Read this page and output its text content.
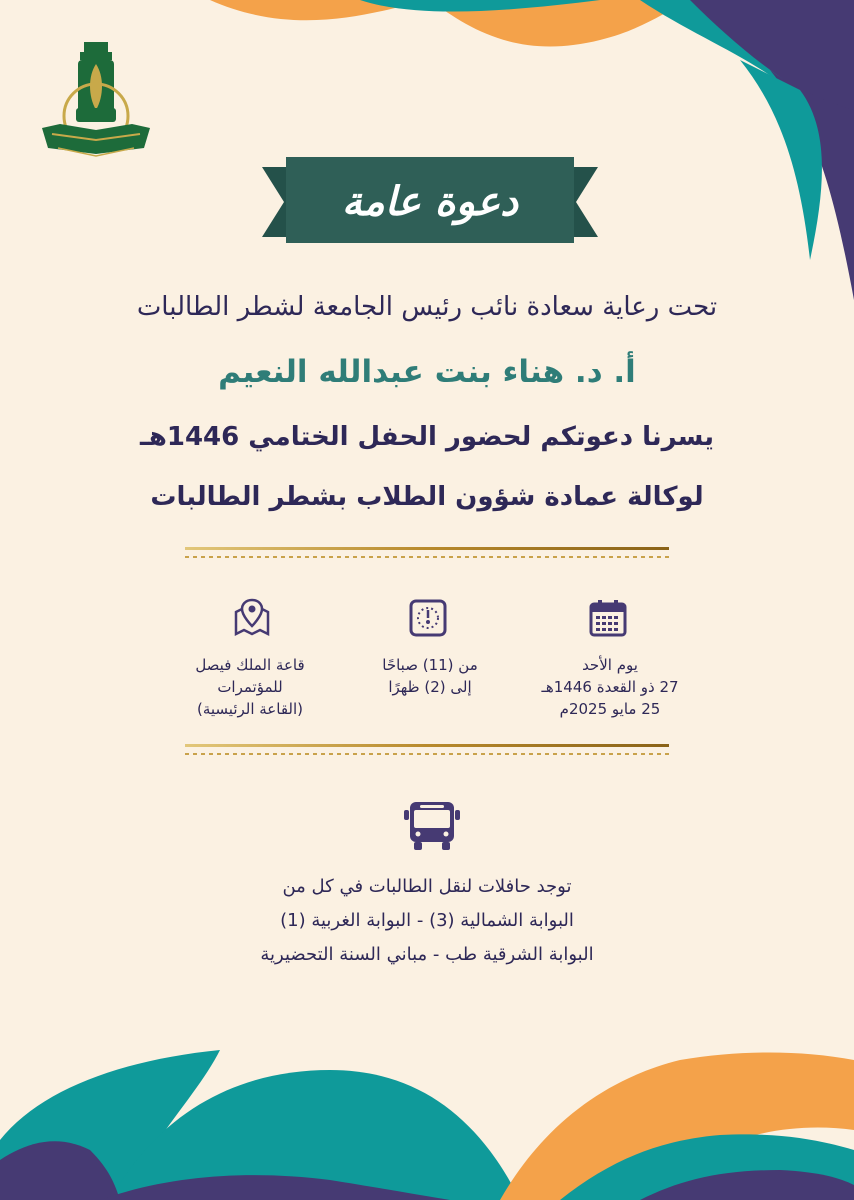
دعوة عامة
تحت رعاية سعادة نائب رئيس الجامعة لشطر الطالبات
أ. د. هناء بنت عبدالله النعيم
يسرنا دعوتكم لحضور الحفل الختامي 1446هـ
لوكالة عمادة شؤون الطلاب بشطر الطالبات
قاعة الملك فيصل
للمؤتمرات
(القاعة الرئيسية)
من (11) صباحًا
إلى (2) ظهرًا
يوم الأحد
27 ذو القعدة 1446هـ
25 مايو 2025م
توجد حافلات لنقل الطالبات في كل من
البوابة الشمالية (3) - البوابة الغربية (1)
البوابة الشرقية طب - مباني السنة التحضيرية
